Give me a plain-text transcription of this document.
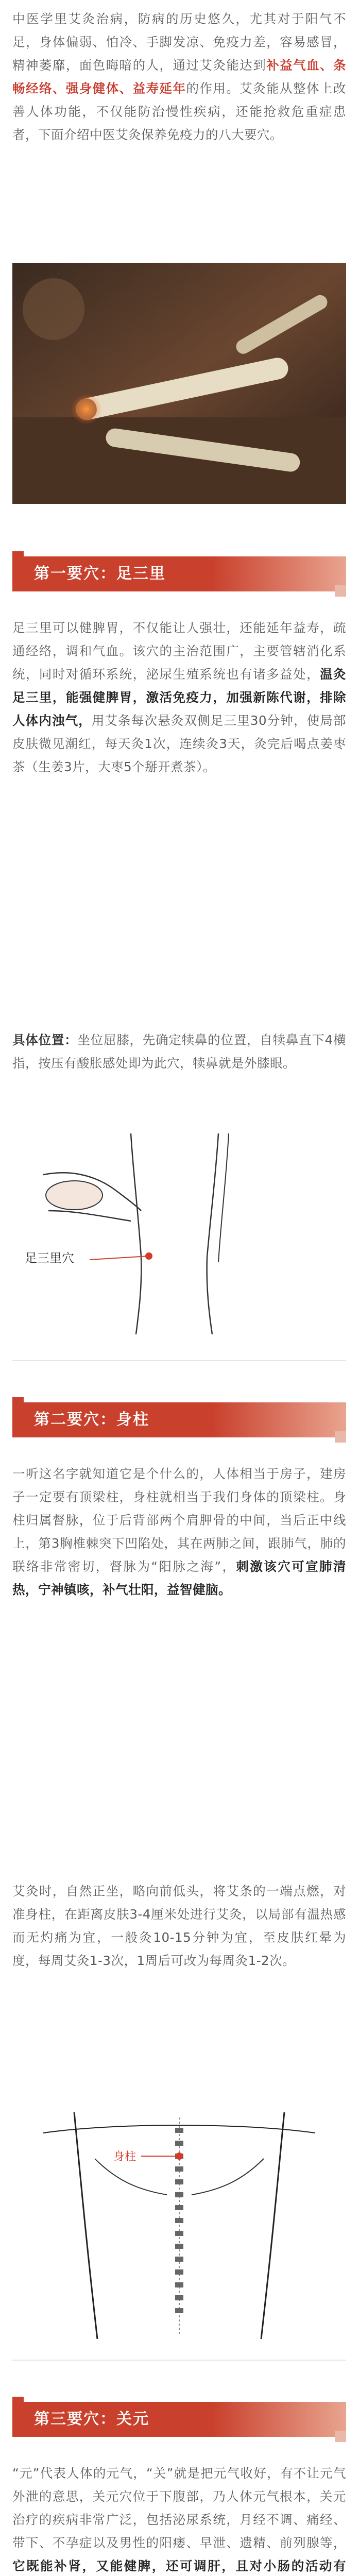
中医学里艾灸治病，防病的历史悠久，尤其对于阳气不足，身体偏弱、怕冷、手脚发凉、免疫力差，容易感冒，精神萎靡，面色晦暗的人，通过艾灸能达到补益气血、条畅经络、强身健体、益寿延年的作用。艾灸能从整体上改善人体功能，不仅能防治慢性疾病，还能抢救危重症患者，下面介绍中医艾灸保养免疫力的八大要穴。

第一要穴：足三里

足三里可以健脾胃，不仅能让人强壮，还能延年益寿，疏通经络，调和气血。该穴的主治范围广，主要管辖消化系统，同时对循环系统，泌尿生殖系统也有诸多益处，温灸足三里，能强健脾胃，激活免疫力，加强新陈代谢，排除人体内浊气，用艾条每次悬灸双侧足三里30分钟，使局部皮肤微见潮红，每天灸1次，连续灸3天，灸完后喝点姜枣茶（生姜3片，大枣5个掰开煮茶）。

具体位置：坐位屈膝，先确定犊鼻的位置，自犊鼻直下4横指，按压有酸胀感处即为此穴，犊鼻就是外膝眼。

足三里穴
第二要穴：身柱

一听这名字就知道它是个什么的，人体相当于房子，建房子一定要有顶梁柱，身柱就相当于我们身体的顶梁柱。身柱归属督脉，位于后背部两个肩胛骨的中间，当后正中线上，第3胸椎棘突下凹陷处，其在两肺之间，跟肺气，肺的联络非常密切，督脉为“阳脉之海”，刺激该穴可宣肺清热，宁神镇咳，补气壮阳，益智健脑。

艾灸时，自然正坐，略向前低头，将艾条的一端点燃，对准身柱，在距离皮肤3-4厘米处进行艾灸，以局部有温热感而无灼痛为宜，一般灸10-15分钟为宜，至皮肤红晕为度，每周艾灸1-3次，1周后可改为每周灸1-2次。

身柱
第三要穴：关元

“元”代表人体的元气，“关”就是把元气收好，有不让元气外泄的意思，关元穴位于下腹部，乃人体元气根本，关元治疗的疾病非常广泛，包括泌尿系统，月经不调、痛经、带下、不孕症以及男性的阳痿、早泄、遗精、前列腺等，它既能补肾，又能健脾，还可调肝，且对小肠的活动有
